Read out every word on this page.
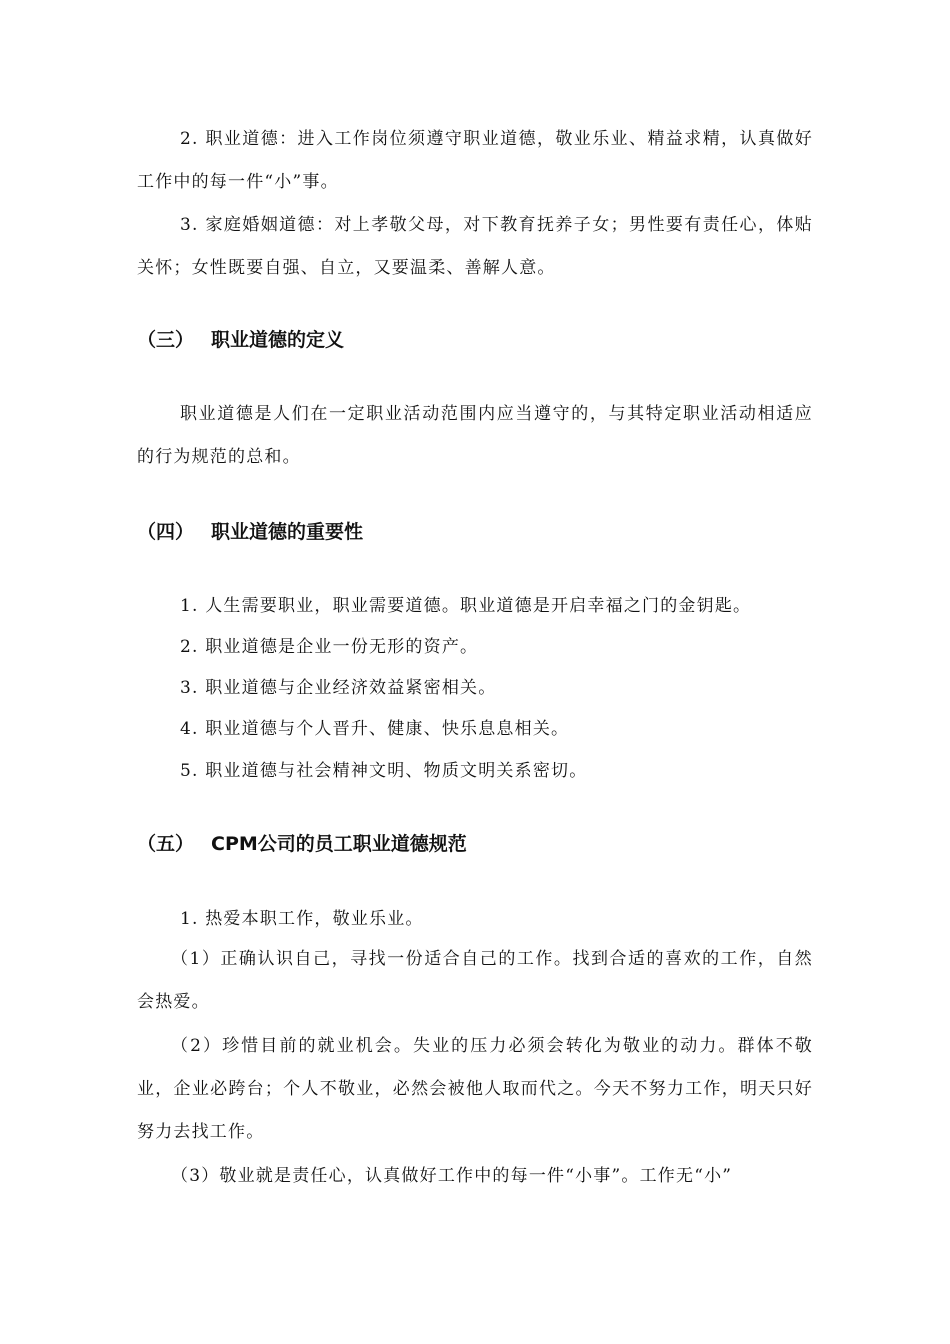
2. 职业道德：进入工作岗位须遵守职业道德，敬业乐业、精益求精，认真做好工作中的每一件“小”事。

3. 家庭婚姻道德：对上孝敬父母，对下教育抚养子女；男性要有责任心，体贴关怀；女性既要自强、自立，又要温柔、善解人意。

（三） 职业道德的定义

职业道德是人们在一定职业活动范围内应当遵守的，与其特定职业活动相适应的行为规范的总和。

（四） 职业道德的重要性

1. 人生需要职业，职业需要道德。职业道德是开启幸福之门的金钥匙。

2. 职业道德是企业一份无形的资产。

3. 职业道德与企业经济效益紧密相关。

4. 职业道德与个人晋升、健康、快乐息息相关。

5. 职业道德与社会精神文明、物质文明关系密切。

（五） CPM公司的员工职业道德规范

1. 热爱本职工作，敬业乐业。

（1）正确认识自己，寻找一份适合自己的工作。找到合适的喜欢的工作，自然会热爱。

（2）珍惜目前的就业机会。失业的压力必须会转化为敬业的动力。群体不敬业，企业必跨台；个人不敬业，必然会被他人取而代之。今天不努力工作，明天只好努力去找工作。

（3）敬业就是责任心，认真做好工作中的每一件“小事”。工作无“小”
